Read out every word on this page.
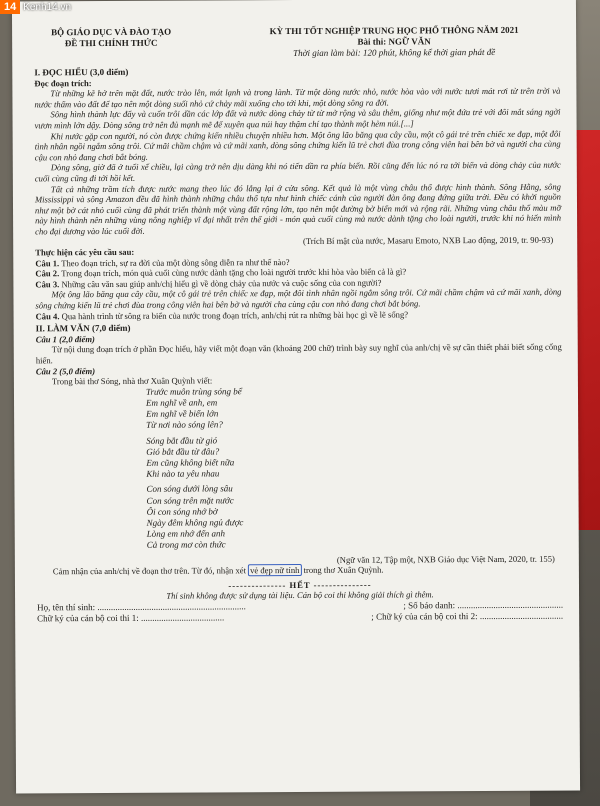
14 Kenh14.vn
BỘ GIÁO DỤC VÀ ĐÀO TẠO
ĐỀ THI CHÍNH THỨC
KỲ THI TỐT NGHIỆP TRUNG HỌC PHỔ THÔNG NĂM 2021
Bài thi: NGỮ VĂN
Thời gian làm bài: 120 phút, không kể thời gian phát đề

I. ĐỌC HIỂU (3,0 điểm)

Đọc đoạn trích:

Từ những kẽ hở trên mặt đất, nước trào lên, mát lạnh và trong lành. Từ một dòng nước nhỏ, nước hòa vào với nước tươi mát rơi từ trên trời và nước thấm vào đất để tạo nên một dòng suối nhỏ cứ chảy mãi xuống cho tới khi, một dòng sông ra đời.

Sông hình thành lực đẩy và cuốn trôi dần các lớp đất và nước dòng chảy từ từ mở rộng và sâu thêm, giống như một đứa trẻ với đôi mắt sáng ngời vươn mình lớn dậy. Dòng sông trở nên đủ mạnh mẽ để xuyên qua núi hay thậm chí tạo thành một hẻm núi.[...]

Khi nước gặp con người, nó còn được chứng kiến nhiều chuyện nhiều hơn. Một ông lão băng qua cây cầu, một cô gái trẻ trên chiếc xe đạp, một đôi tình nhân ngồi ngắm sông trôi. Cứ mãi chầm chậm và cứ mãi xanh, dòng sông chứng kiến lũ trẻ chơi đùa trong công viên hai bên bờ và người cha cùng cậu con nhỏ đang chơi bắt bóng.

Dòng sông, giờ đã ở tuổi xế chiều, lại càng trở nên dịu dàng khi nó tiến dần ra phía biển. Rồi cũng đến lúc nó ra tới biển và dòng chảy của nước cuối cùng cũng đi tới hồi kết.

Tất cả những trầm tích được nước mang theo lúc đó lắng lại ở cửa sông. Kết quả là một vùng châu thổ được hình thành. Sông Hằng, sông Mississippi và sông Amazon đều đã hình thành những châu thổ tựa như hình chiếc cánh của người đàn ông đang đứng giữa trời. Đều có khởi nguồn như một bờ cát nhỏ cuối cùng đã phát triển thành một vùng đất rộng lớn, tạo nên một đường bờ biển mới và rộng rãi. Những vùng châu thổ màu mỡ này hình thành nên những vùng nông nghiệp vĩ đại nhất trên thế giới - món quà cuối cùng mà nước dành tặng cho loài người, trước khi nó hiến mình cho đại dương vào lúc cuối đời.

(Trích Bí mật của nước, Masaru Emoto, NXB Lao động, 2019, tr. 90-93)

Thực hiện các yêu cầu sau:

Câu 1. Theo đoạn trích, sự ra đời của một dòng sông diễn ra như thế nào?

Câu 2. Trong đoạn trích, món quà cuối cùng nước dành tặng cho loài người trước khi hòa vào biển cả là gì?

Câu 3. Những câu văn sau giúp anh/chị hiểu gì về dòng chảy của nước và cuộc sống của con người?

Một ông lão băng qua cây cầu, một cô gái trẻ trên chiếc xe đạp, một đôi tình nhân ngồi ngắm sông trôi. Cứ mãi chầm chậm và cứ mãi xanh, dòng sông chứng kiến lũ trẻ chơi đùa trong công viên hai bên bờ và người cha cùng cậu con nhỏ đang chơi bắt bóng.

Câu 4. Qua hành trình từ sông ra biển của nước trong đoạn trích, anh/chị rút ra những bài học gì về lẽ sống?

II. LÀM VĂN (7,0 điểm)

Câu 1 (2,0 điểm)

Từ nội dung đoạn trích ở phần Đọc hiểu, hãy viết một đoạn văn (khoảng 200 chữ) trình bày suy nghĩ của anh/chị về sự cần thiết phải biết sống cống hiến.

Câu 2 (5,0 điểm)

Trong bài thơ Sóng, nhà thơ Xuân Quỳnh viết:

Trước muôn trùng sóng bể
Em nghĩ về anh, em
Em nghĩ về biển lớn
Từ nơi nào sóng lên?
Sóng bắt đầu từ gió
Gió bắt đầu từ đâu?
Em cũng không biết nữa
Khi nào ta yêu nhau
Con sóng dưới lòng sâu
Con sóng trên mặt nước
Ôi con sóng nhớ bờ
Ngày đêm không ngủ được
Lòng em nhớ đến anh
Cả trong mơ còn thức

(Ngữ văn 12, Tập một, NXB Giáo dục Việt Nam, 2020, tr. 155)

Cảm nhận của anh/chị về đoạn thơ trên. Từ đó, nhận xét vẻ đẹp nữ tính trong thơ Xuân Quỳnh.

--------------- HẾT ---------------

Thí sinh không được sử dụng tài liệu. Cán bộ coi thi không giải thích gì thêm.

Họ, tên thí sinh: ..................................................................	; Số báo danh: ...............................................
Chữ ký của cán bộ coi thi 1: .....................................	; Chữ ký của cán bộ coi thi 2: .....................................
